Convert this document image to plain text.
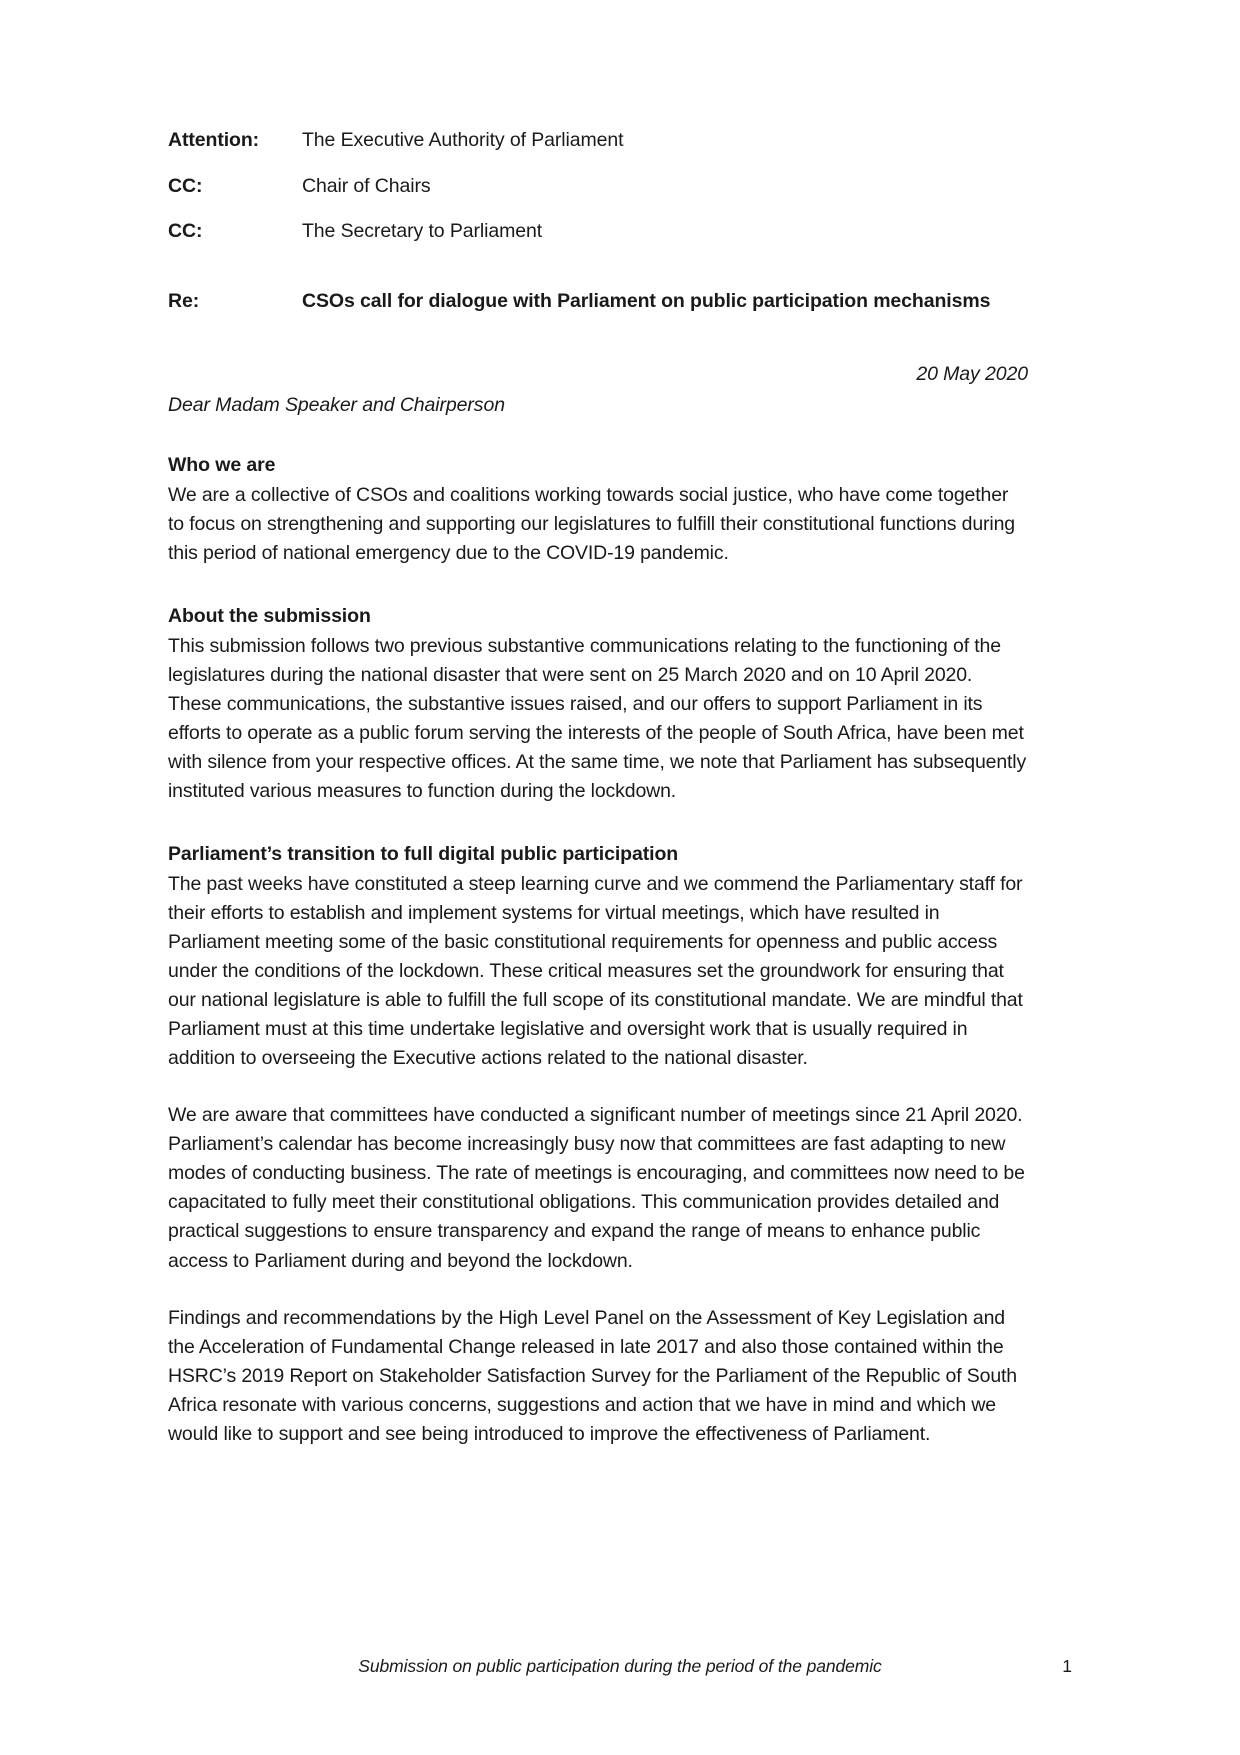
Attention:	The Executive Authority of Parliament
CC:	Chair of Chairs
CC:	The Secretary to Parliament
Re:	CSOs call for dialogue with Parliament on public participation mechanisms
20 May 2020
Dear Madam Speaker and Chairperson
Who we are

We are a collective of CSOs and coalitions working towards social justice, who have come together to focus on strengthening and supporting our legislatures to fulfill their constitutional functions during this period of national emergency due to the COVID-19 pandemic.

About the submission

This submission follows two previous substantive communications relating to the functioning of the legislatures during the national disaster that were sent on 25 March 2020 and on 10 April 2020. These communications, the substantive issues raised, and our offers to support Parliament in its efforts to operate as a public forum serving the interests of the people of South Africa, have been met with silence from your respective offices. At the same time, we note that Parliament has subsequently instituted various measures to function during the lockdown.

Parliament’s transition to full digital public participation

The past weeks have constituted a steep learning curve and we commend the Parliamentary staff for their efforts to establish and implement systems for virtual meetings, which have resulted in Parliament meeting some of the basic constitutional requirements for openness and public access under the conditions of the lockdown. These critical measures set the groundwork for ensuring that our national legislature is able to fulfill the full scope of its constitutional mandate. We are mindful that Parliament must at this time undertake legislative and oversight work that is usually required in addition to overseeing the Executive actions related to the national disaster.

We are aware that committees have conducted a significant number of meetings since 21 April 2020. Parliament’s calendar has become increasingly busy now that committees are fast adapting to new modes of conducting business. The rate of meetings is encouraging, and committees now need to be capacitated to fully meet their constitutional obligations. This communication provides detailed and practical suggestions to ensure transparency and expand the range of means to enhance public access to Parliament during and beyond the lockdown.

Findings and recommendations by the High Level Panel on the Assessment of Key Legislation and the Acceleration of Fundamental Change released in late 2017 and also those contained within the HSRC’s 2019 Report on Stakeholder Satisfaction Survey for the Parliament of the Republic of South Africa resonate with various concerns, suggestions and action that we have in mind and which we would like to support and see being introduced to improve the effectiveness of Parliament.

Submission on public participation during the period of the pandemic	1
